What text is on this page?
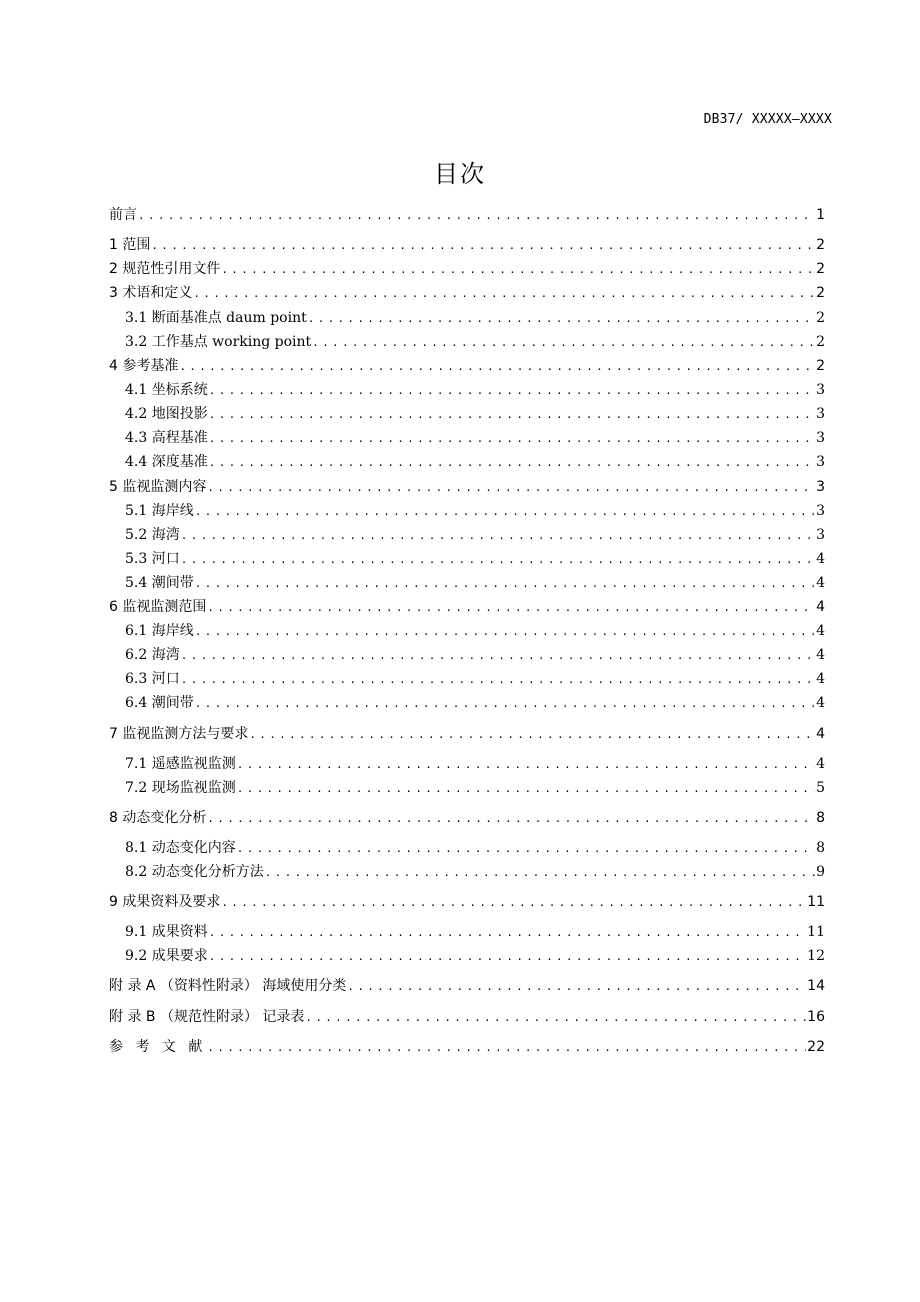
DB37/ XXXXX—XXXX
目次
前言 .....	1
1 范围 .....	2
2 规范性引用文件 .....	2
3 术语和定义 .....	2
3.1 断面基准点 daum point .....	2
3.2 工作基点 working point .....	2
4 参考基准 .....	2
4.1 坐标系统 .....	3
4.2 地图投影 .....	3
4.3 高程基准 .....	3
4.4 深度基准 .....	3
5 监视监测内容 .....	3
5.1 海岸线 .....	3
5.2 海湾 .....	3
5.3 河口 .....	4
5.4 潮间带 .....	4
6 监视监测范围 .....	4
6.1 海岸线 .....	4
6.2 海湾 .....	4
6.3 河口 .....	4
6.4 潮间带 .....	4
7 监视监测方法与要求 .....	4
7.1 遥感监视监测 .....	4
7.2 现场监视监测 .....	5
8 动态变化分析 .....	8
8.1 动态变化内容 .....	8
8.2 动态变化分析方法 .....	9
9 成果资料及要求 .....	11
9.1 成果资料 .....	11
9.2 成果要求 .....	12
附 录 A （资料性附录） 海域使用分类 .....	14
附 录 B （规范性附录） 记录表 .....	16
参 考 文 献 .....	22
